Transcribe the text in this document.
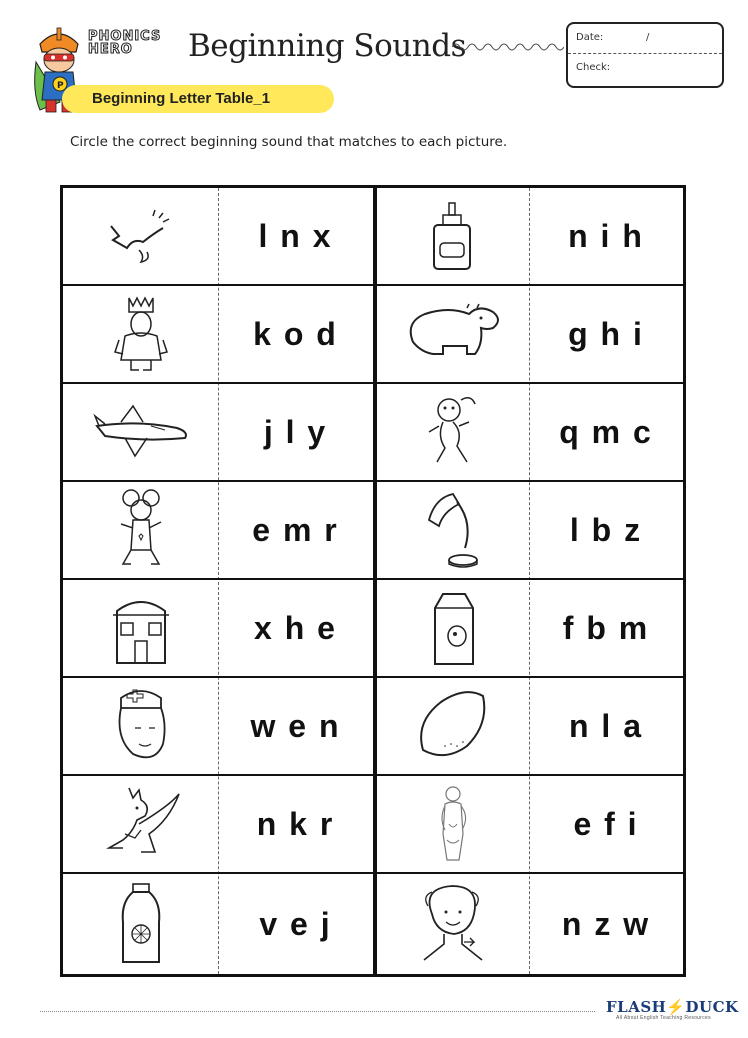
P
PHONICS
HERO	Beginning Sounds	Date:	/
Check:
Beginning Letter Table_1
Circle the correct beginning sound that matches to each picture.
l n x	n i h
k o d	g h i
j l y	q m c
e m r	l b z
x h e	f b m
w e n	n l a
n k r	e f i
v e j	n z w
FLASH⚡DUCK
All About English Teaching Resources
